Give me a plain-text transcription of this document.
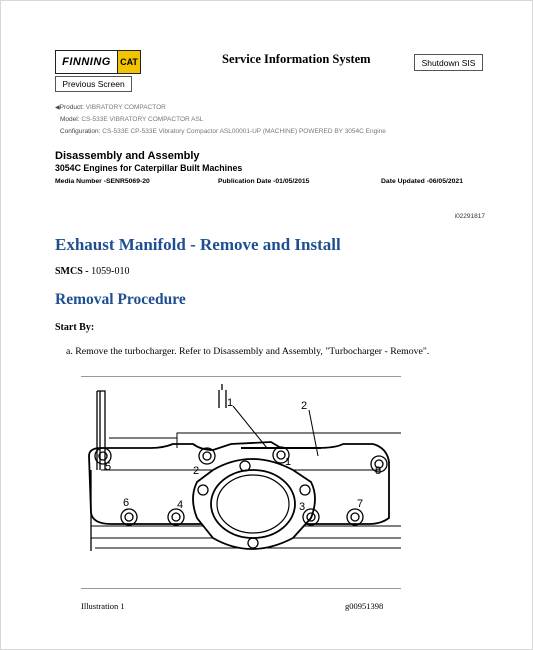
FINNING	CAT
Previous Screen
Service Information System	Shutdown SIS
◀Product: VIBRATORY COMPACTOR
Model: CS-533E VIBRATORY COMPACTOR ASL
Configuration: CS-533E CP-533E Vibratory Compactor ASL00001-UP (MACHINE) POWERED BY 3054C Engine
Disassembly and Assembly
3054C Engines for Caterpillar Built Machines
Media Number -SENR5069-20	Publication Date -01/05/2015	Date Updated -06/05/2021
i02291817
Exhaust Manifold - Remove and Install
SMCS - 1059-010
Removal Procedure
Start By:
a. Remove the turbocharger. Refer to Disassembly and Assembly, "Turbocharger - Remove".
1	2
5	2
1
8
6	4	3	7
Illustration 1	g00951398
